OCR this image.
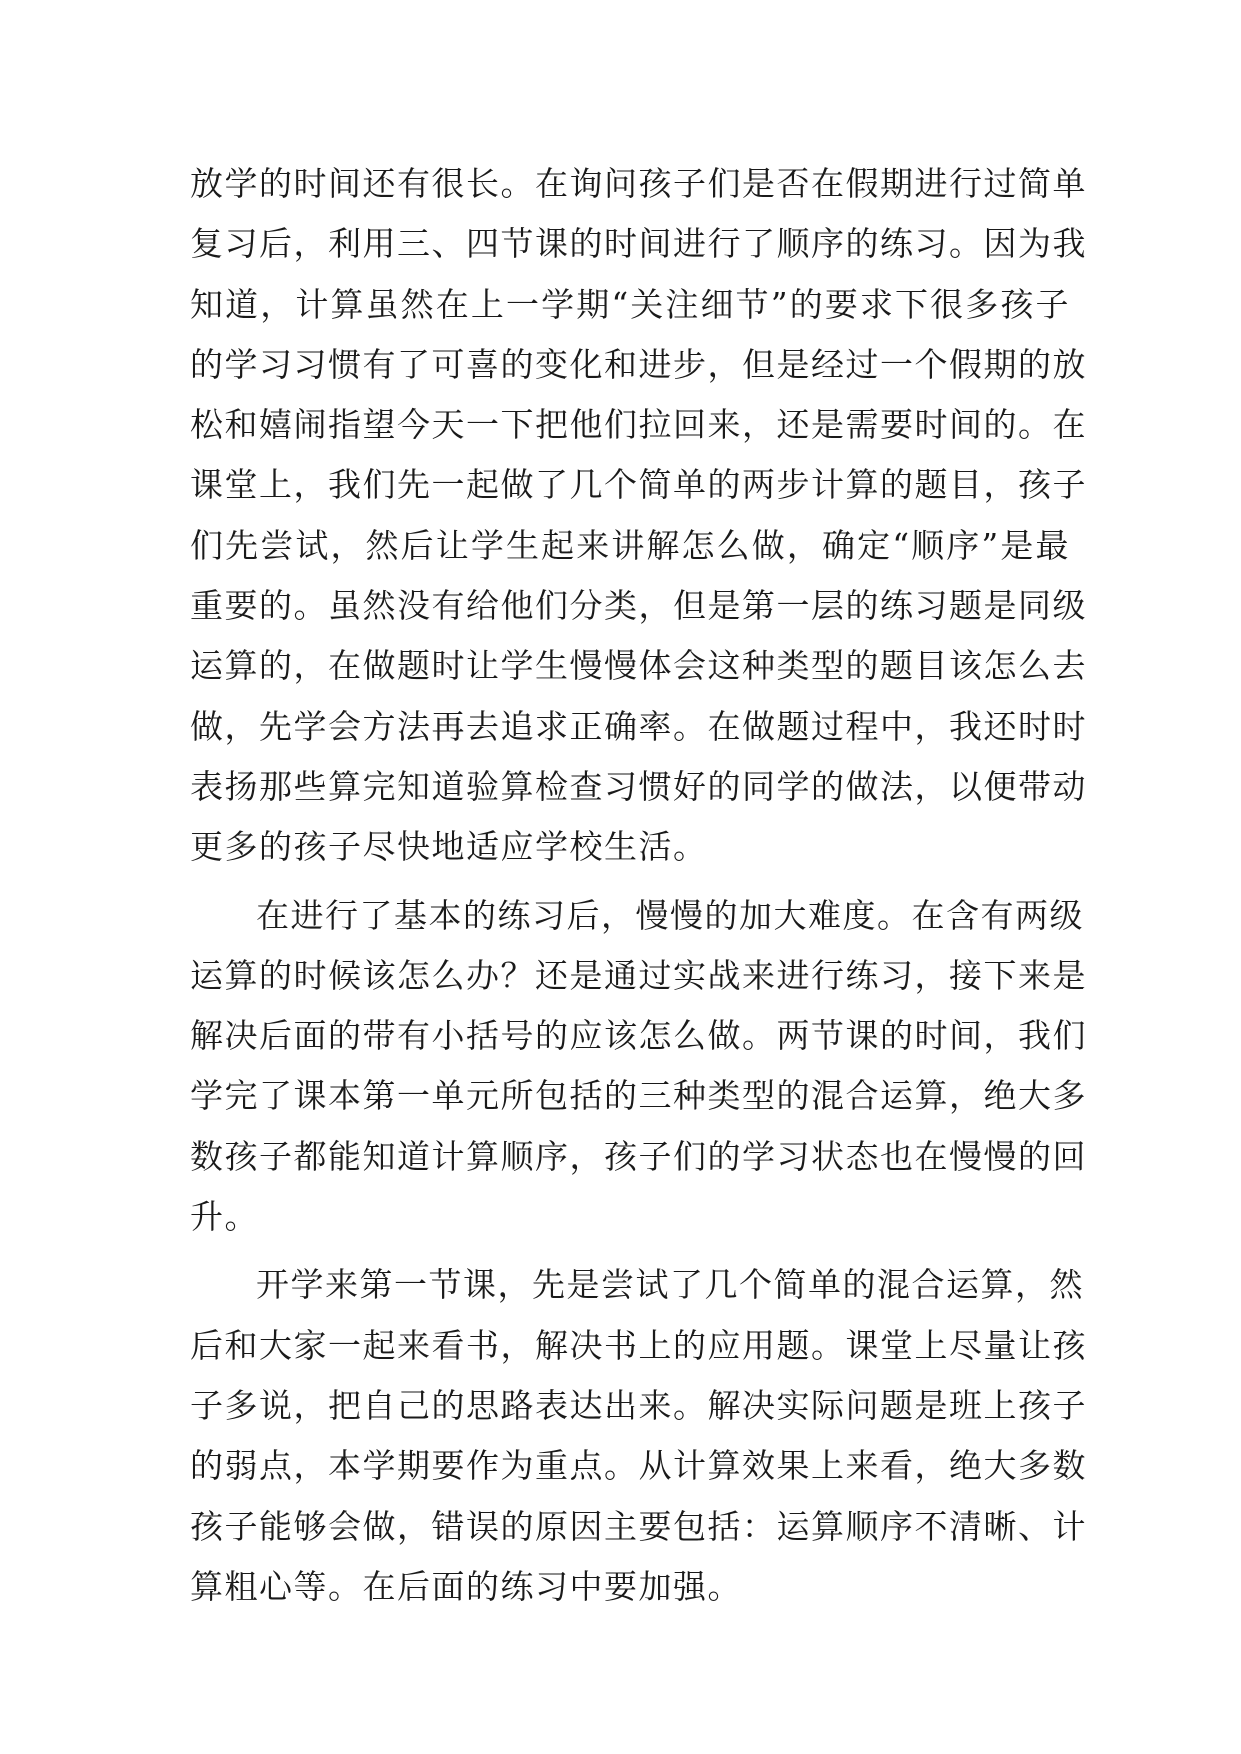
放学的时间还有很长。在询问孩子们是否在假期进行过简单
复习后，利用三、四节课的时间进行了顺序的练习。因为我
知道，计算虽然在上一学期“关注细节”的要求下很多孩子
的学习习惯有了可喜的变化和进步，但是经过一个假期的放
松和嬉闹指望今天一下把他们拉回来，还是需要时间的。在
课堂上，我们先一起做了几个简单的两步计算的题目，孩子
们先尝试，然后让学生起来讲解怎么做，确定“顺序”是最
重要的。虽然没有给他们分类，但是第一层的练习题是同级
运算的，在做题时让学生慢慢体会这种类型的题目该怎么去
做，先学会方法再去追求正确率。在做题过程中，我还时时
表扬那些算完知道验算检查习惯好的同学的做法，以便带动
更多的孩子尽快地适应学校生活。
在进行了基本的练习后，慢慢的加大难度。在含有两级
运算的时候该怎么办？还是通过实战来进行练习，接下来是
解决后面的带有小括号的应该怎么做。两节课的时间，我们
学完了课本第一单元所包括的三种类型的混合运算，绝大多
数孩子都能知道计算顺序，孩子们的学习状态也在慢慢的回
升。
开学来第一节课，先是尝试了几个简单的混合运算，然
后和大家一起来看书，解决书上的应用题。课堂上尽量让孩
子多说，把自己的思路表达出来。解决实际问题是班上孩子
的弱点，本学期要作为重点。从计算效果上来看，绝大多数
孩子能够会做，错误的原因主要包括：运算顺序不清晰、计
算粗心等。在后面的练习中要加强。
